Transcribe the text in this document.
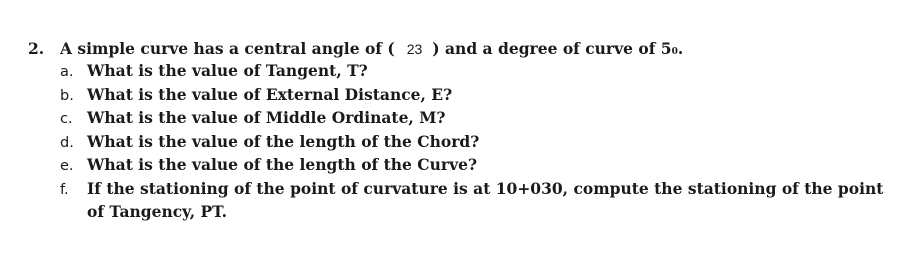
2.	A simple curve has a central angle of ( 23 ) and a degree of curve of 5 0 .
a. What is the value of Tangent, T?
b. What is the value of External Distance, E?
c. What is the value of Middle Ordinate, M?
d. What is the value of the length of the Chord?
e. What is the value of the length of the Curve?
f.	If the stationing of the point of curvature is at 10+030, compute the stationing of the point of Tangency, PT.
